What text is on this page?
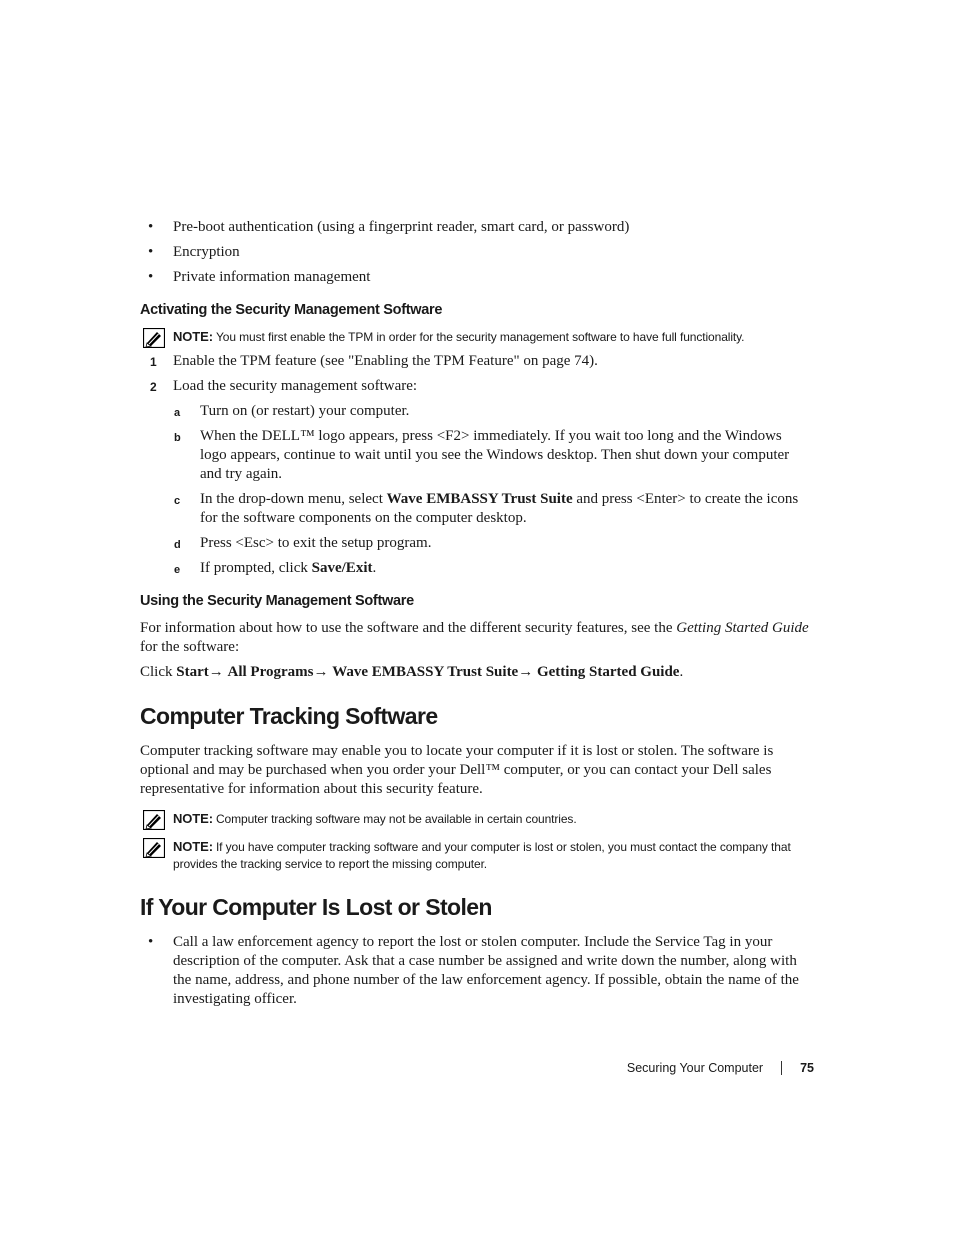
• Pre-boot authentication (using a fingerprint reader, smart card, or password)
• Encryption
• Private information management
Activating the Security Management Software
NOTE: You must first enable the TPM in order for the security management software to have full functionality.
1 Enable the TPM feature (see "Enabling the TPM Feature" on page 74).
2 Load the security management software:
a Turn on (or restart) your computer.
b When the DELL™ logo appears, press <F2> immediately. If you wait too long and the Windows logo appears, continue to wait until you see the Windows desktop. Then shut down your computer and try again.
c In the drop-down menu, select Wave EMBASSY Trust Suite and press <Enter> to create the icons for the software components on the computer desktop.
d Press <Esc> to exit the setup program.
e If prompted, click Save/Exit.
Using the Security Management Software

For information about how to use the software and the different security features, see the Getting Started Guide for the software:

Click Start→ All Programs→ Wave EMBASSY Trust Suite→ Getting Started Guide.

Computer Tracking Software

Computer tracking software may enable you to locate your computer if it is lost or stolen. The software is optional and may be purchased when you order your Dell™ computer, or you can contact your Dell sales representative for information about this security feature.

NOTE: Computer tracking software may not be available in certain countries.
NOTE: If you have computer tracking software and your computer is lost or stolen, you must contact the company that provides the tracking service to report the missing computer.
If Your Computer Is Lost or Stolen
• Call a law enforcement agency to report the lost or stolen computer. Include the Service Tag in your description of the computer. Ask that a case number be assigned and write down the number, along with the name, address, and phone number of the law enforcement agency. If possible, obtain the name of the investigating officer.
Securing Your Computer	75
